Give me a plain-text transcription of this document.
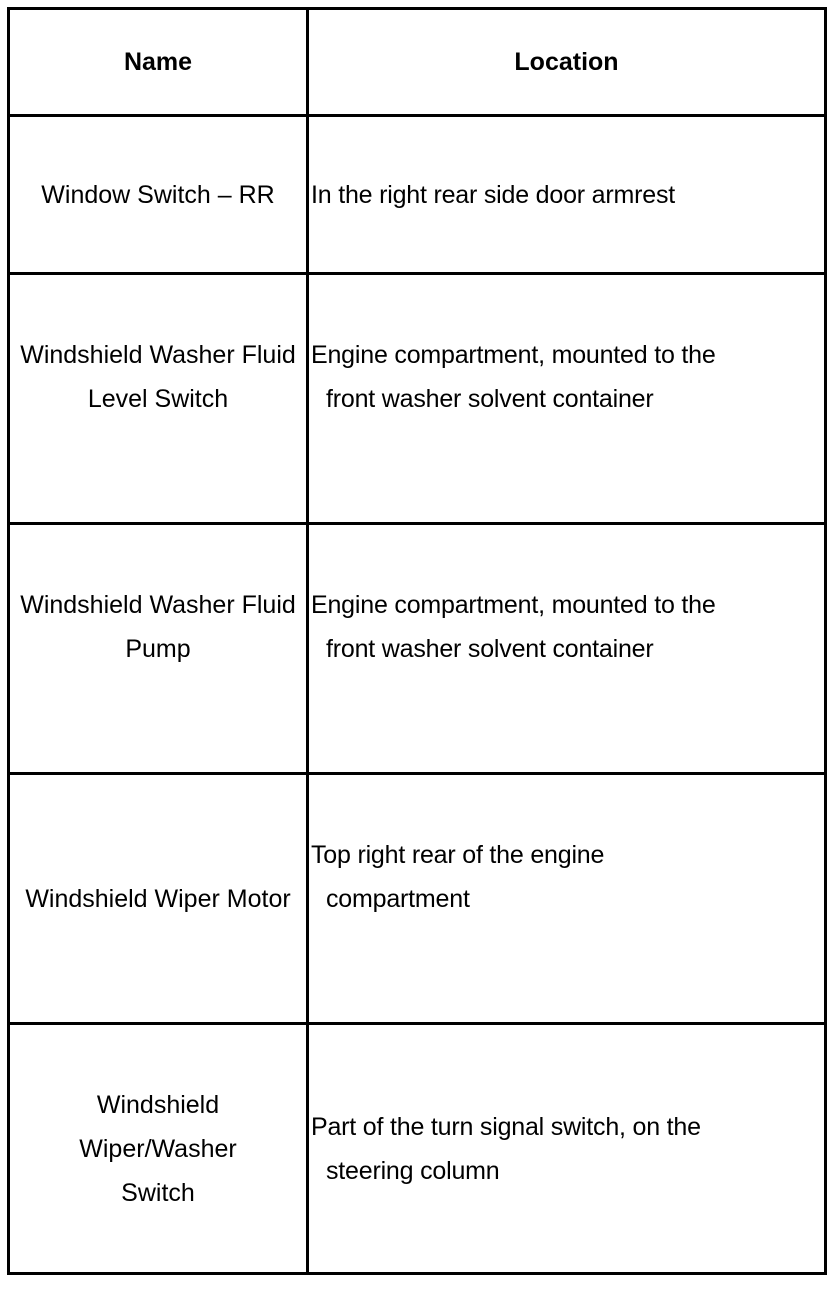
Name	Location

Window Switch – RR	In the right rear side door armrest

Windshield Washer Fluid
Level Switch	Engine compartment, mounted to the
front washer solvent container

Windshield Washer Fluid
Pump	Engine compartment, mounted to the
front washer solvent container

Windshield Wiper Motor	Top right rear of the engine
compartment

Windshield
Wiper/Washer
Switch	Part of the turn signal switch, on the
steering column
